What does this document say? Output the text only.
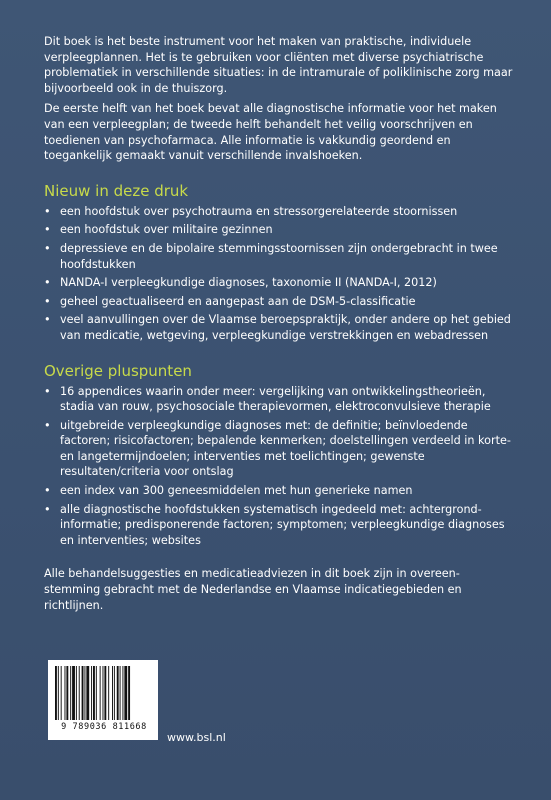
Dit boek is het beste instrument voor het maken van praktische, individuele verpleegplannen. Het is te gebruiken voor cliënten met diverse psychiatrische problematiek in verschillende situaties: in de intramurale of poliklinische zorg maar bijvoorbeeld ook in de thuiszorg.

De eerste helft van het boek bevat alle diagnostische informatie voor het maken van een verpleegplan; de tweede helft behandelt het veilig voorschrijven en toedienen van psychofarmaca. Alle informatie is vakkundig geordend en toegankelijk gemaakt vanuit verschillende invalshoeken.

Nieuw in deze druk
• een hoofdstuk over psychotrauma en stressorgerelateerde stoornissen
• een hoofdstuk over militaire gezinnen
• depressieve en de bipolaire stemmingsstoornissen zijn ondergebracht in twee hoofdstukken
• NANDA-I verpleegkundige diagnoses, taxonomie II (NANDA-I, 2012)
• geheel geactualiseerd en aangepast aan de DSM-5-classificatie
• veel aanvullingen over de Vlaamse beroepspraktijk, onder andere op het gebied van medicatie, wetgeving, verpleegkundige verstrekkingen en webadressen
Overige pluspunten
• 16 appendices waarin onder meer: vergelijking van ontwikkelingstheorieën, stadia van rouw, psychosociale therapievormen, elektroconvulsieve therapie
• uitgebreide verpleegkundige diagnoses met: de definitie; beïnvloedende factoren; risicofactoren; bepalende kenmerken; doelstellingen verdeeld in korte- en langetermijndoelen; interventies met toelichtingen; gewenste resultaten/criteria voor ontslag
• een index van 300 geneesmiddelen met hun generieke namen
• alle diagnostische hoofdstukken systematisch ingedeeld met: achtergrond-informatie; predisponerende factoren; symptomen; verpleegkundige diagnoses en interventies; websites

Alle behandelsuggesties en medicatieadviezen in dit boek zijn in overeen-stemming gebracht met de Nederlandse en Vlaamse indicatiegebieden en richtlijnen.

9 789036 811668
www.bsl.nl
